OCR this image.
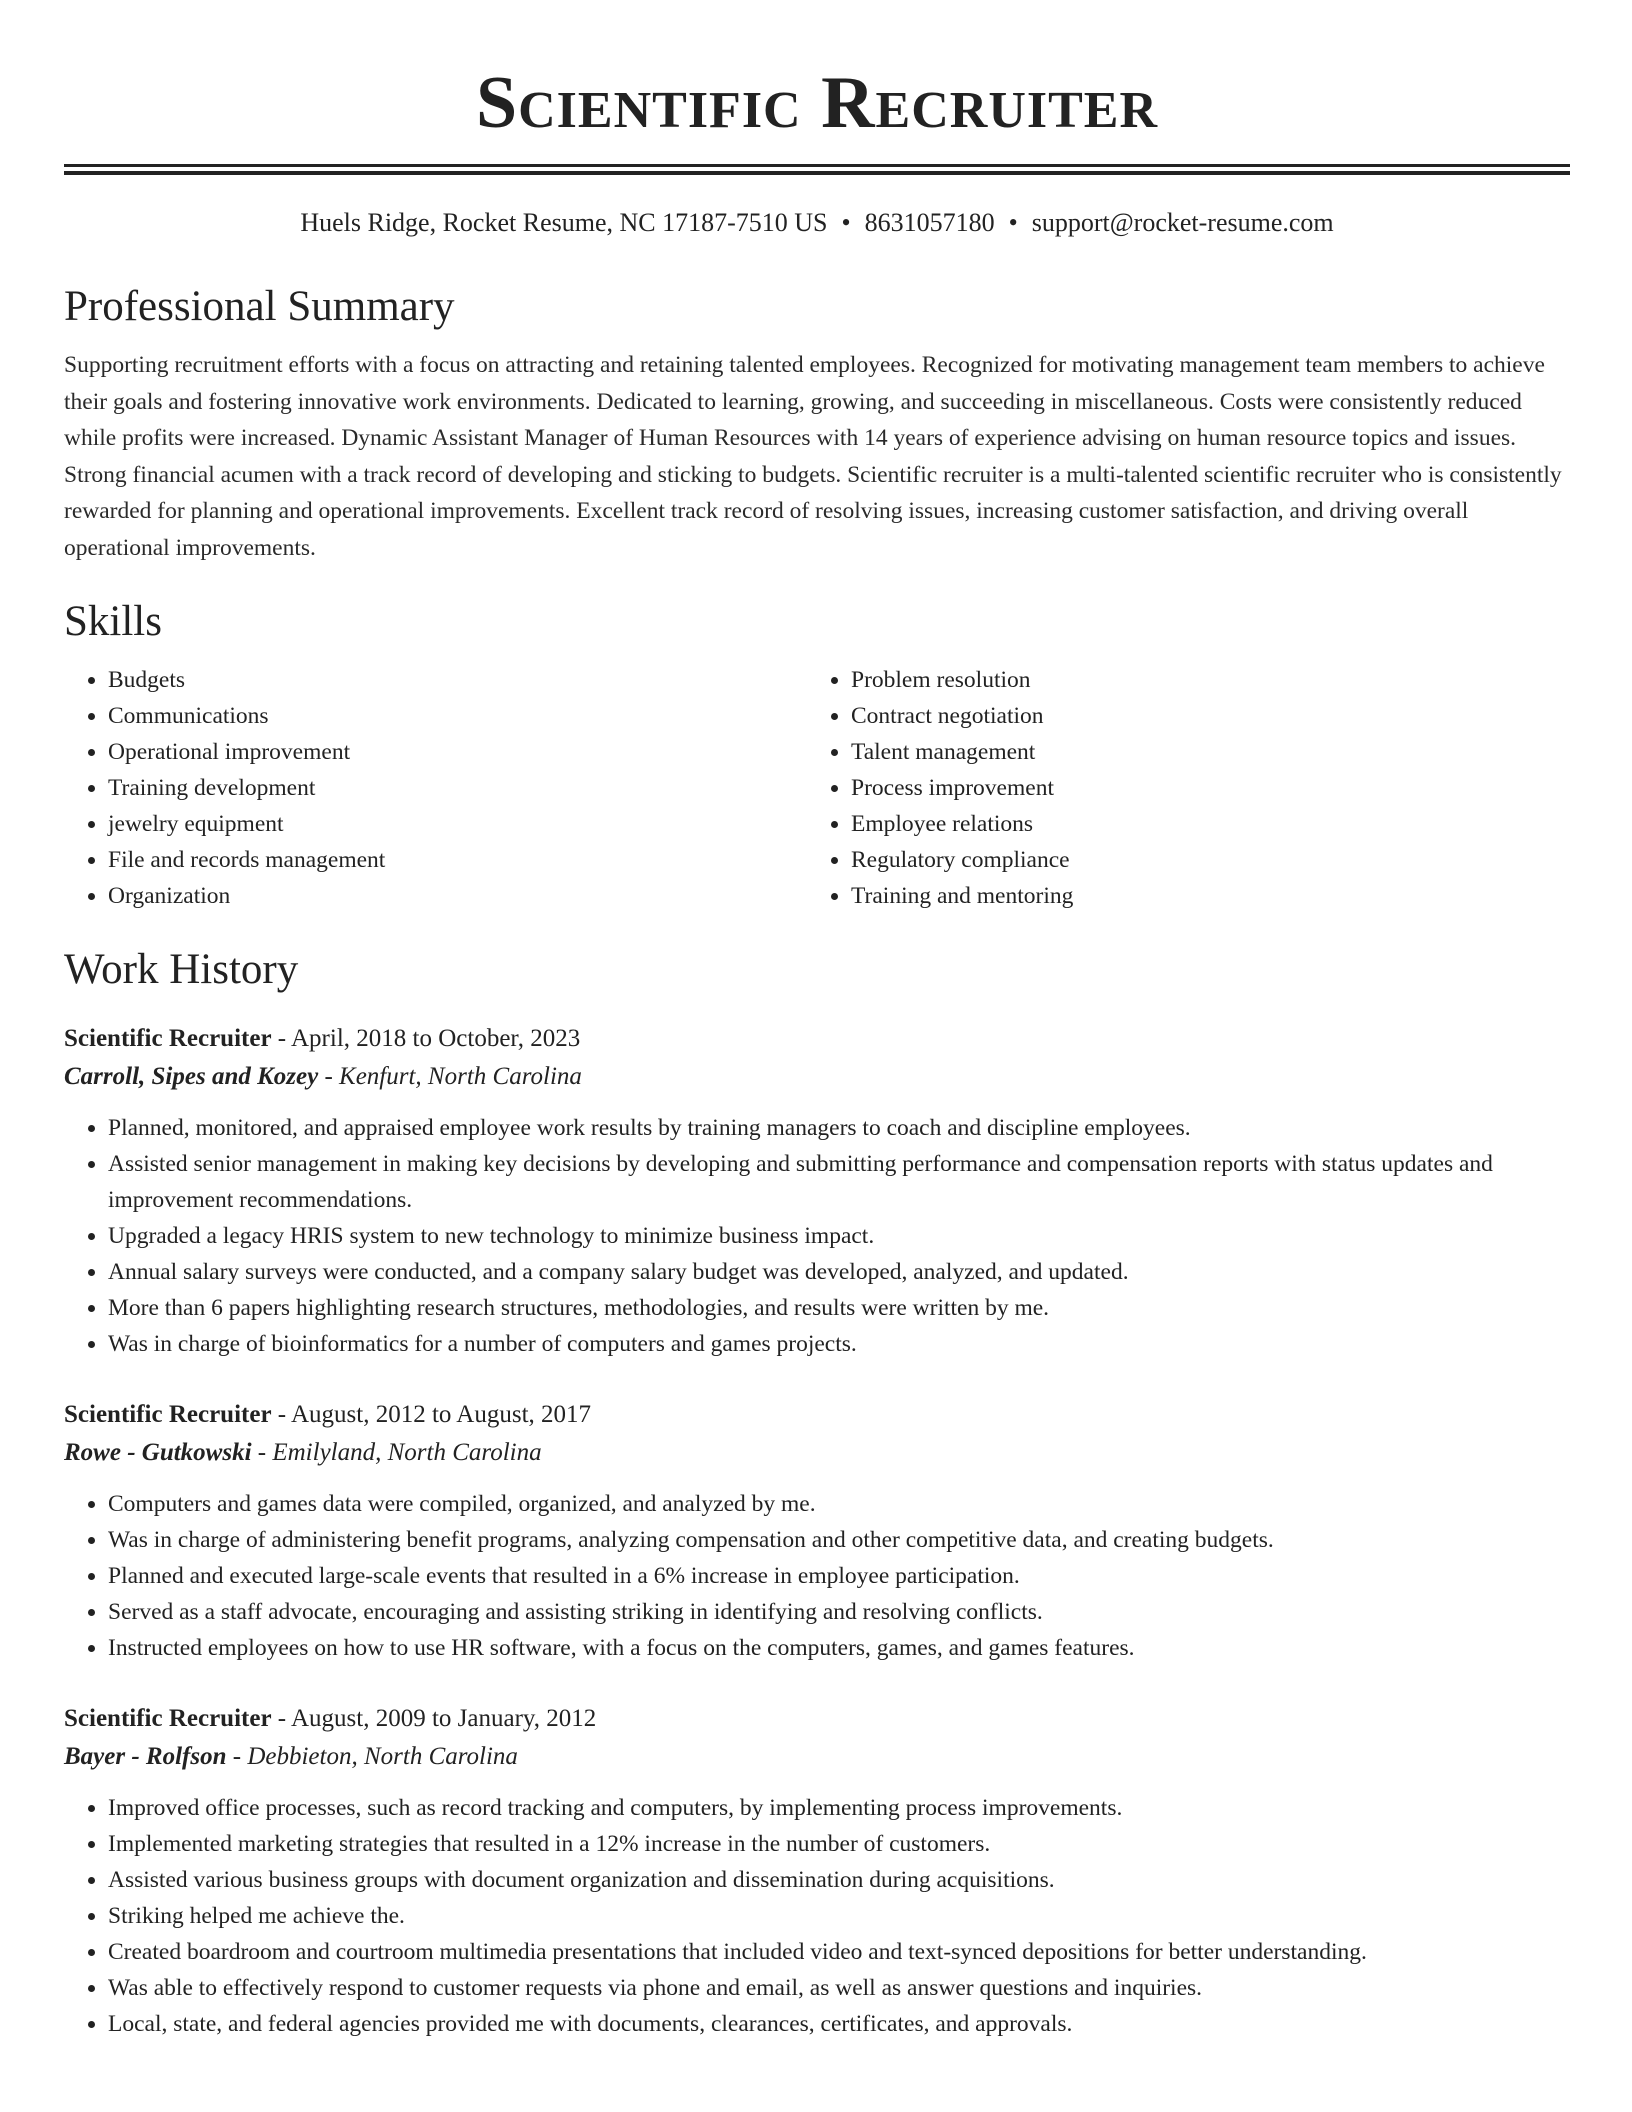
Scientific Recruiter
Huels Ridge, Rocket Resume, NC 17187-7510 US • 8631057180 • support@rocket-resume.com
Professional Summary

Supporting recruitment efforts with a focus on attracting and retaining talented employees. Recognized for motivating management team members to achieve their goals and fostering innovative work environments. Dedicated to learning, growing, and succeeding in miscellaneous. Costs were consistently reduced while profits were increased. Dynamic Assistant Manager of Human Resources with 14 years of experience advising on human resource topics and issues. Strong financial acumen with a track record of developing and sticking to budgets. Scientific recruiter is a multi-talented scientific recruiter who is consistently rewarded for planning and operational improvements. Excellent track record of resolving issues, increasing customer satisfaction, and driving overall operational improvements.

Skills
• Budgets
• Communications
• Operational improvement
• Training development
• jewelry equipment
• File and records management
• Organization
• Problem resolution
• Contract negotiation
• Talent management
• Process improvement
• Employee relations
• Regulatory compliance
• Training and mentoring
Work History
Scientific Recruiter - April, 2018 to October, 2023
Carroll, Sipes and Kozey - Kenfurt, North Carolina
• Planned, monitored, and appraised employee work results by training managers to coach and discipline employees.
• Assisted senior management in making key decisions by developing and submitting performance and compensation reports with status updates and improvement recommendations.
• Upgraded a legacy HRIS system to new technology to minimize business impact.
• Annual salary surveys were conducted, and a company salary budget was developed, analyzed, and updated.
• More than 6 papers highlighting research structures, methodologies, and results were written by me.
• Was in charge of bioinformatics for a number of computers and games projects.
Scientific Recruiter - August, 2012 to August, 2017
Rowe - Gutkowski - Emilyland, North Carolina
• Computers and games data were compiled, organized, and analyzed by me.
• Was in charge of administering benefit programs, analyzing compensation and other competitive data, and creating budgets.
• Planned and executed large-scale events that resulted in a 6% increase in employee participation.
• Served as a staff advocate, encouraging and assisting striking in identifying and resolving conflicts.
• Instructed employees on how to use HR software, with a focus on the computers, games, and games features.
Scientific Recruiter - August, 2009 to January, 2012
Bayer - Rolfson - Debbieton, North Carolina
• Improved office processes, such as record tracking and computers, by implementing process improvements.
• Implemented marketing strategies that resulted in a 12% increase in the number of customers.
• Assisted various business groups with document organization and dissemination during acquisitions.
• Striking helped me achieve the.
• Created boardroom and courtroom multimedia presentations that included video and text-synced depositions for better understanding.
• Was able to effectively respond to customer requests via phone and email, as well as answer questions and inquiries.
• Local, state, and federal agencies provided me with documents, clearances, certificates, and approvals.
